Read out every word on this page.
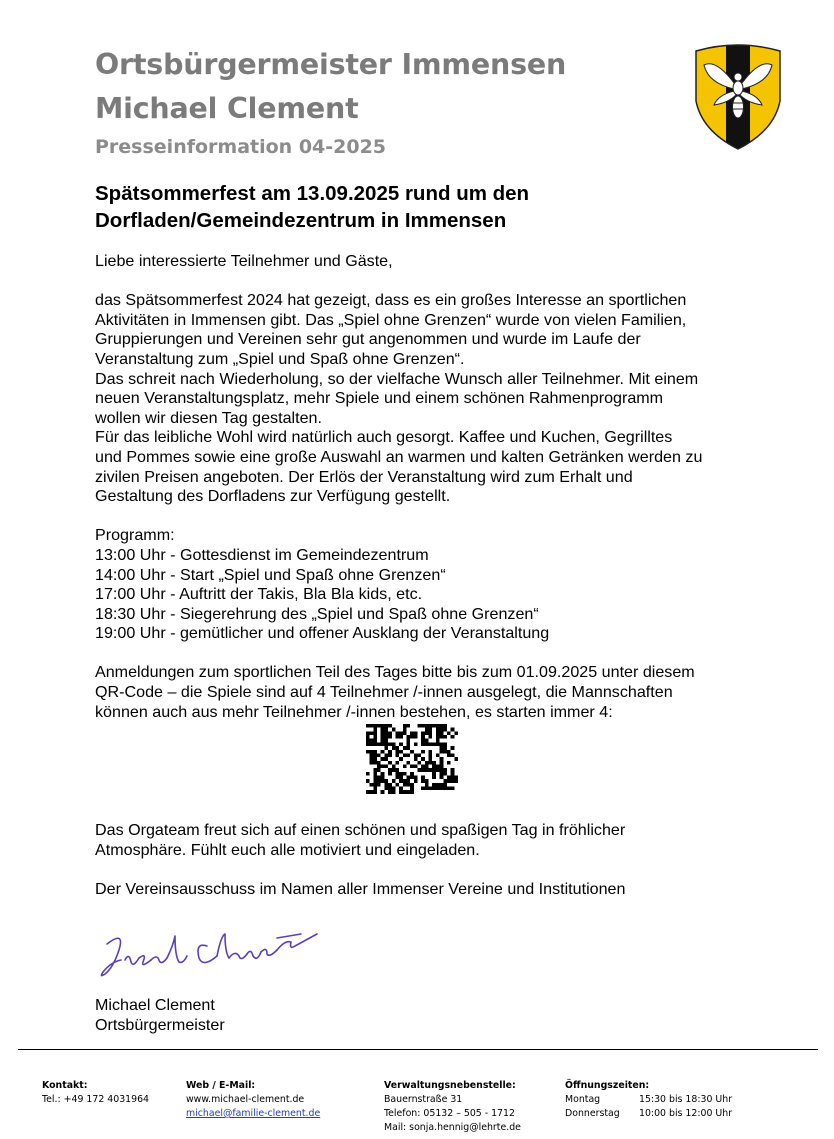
Ortsbürgermeister Immensen
Michael Clement
Presseinformation 04-2025
Spätsommerfest am 13.09.2025 rund um den
Dorfladen/Gemeindezentrum in Immensen
Liebe interessierte Teilnehmer und Gäste,
das Spätsommerfest 2024 hat gezeigt, dass es ein großes Interesse an sportlichen
Aktivitäten in Immensen gibt. Das „Spiel ohne Grenzen“ wurde von vielen Familien,
Gruppierungen und Vereinen sehr gut angenommen und wurde im Laufe der
Veranstaltung zum „Spiel und Spaß ohne Grenzen“.
Das schreit nach Wiederholung, so der vielfache Wunsch aller Teilnehmer. Mit einem
neuen Veranstaltungsplatz, mehr Spiele und einem schönen Rahmenprogramm
wollen wir diesen Tag gestalten.
Für das leibliche Wohl wird natürlich auch gesorgt. Kaffee und Kuchen, Gegrilltes
und Pommes sowie eine große Auswahl an warmen und kalten Getränken werden zu
zivilen Preisen angeboten. Der Erlös der Veranstaltung wird zum Erhalt und
Gestaltung des Dorfladens zur Verfügung gestellt.
Programm:
13:00 Uhr - Gottesdienst im Gemeindezentrum
14:00 Uhr - Start „Spiel und Spaß ohne Grenzen“
17:00 Uhr - Auftritt der Takis, Bla Bla kids, etc.
18:30 Uhr - Siegerehrung des „Spiel und Spaß ohne Grenzen“
19:00 Uhr - gemütlicher und offener Ausklang der Veranstaltung
Anmeldungen zum sportlichen Teil des Tages bitte bis zum 01.09.2025 unter diesem
QR-Code – die Spiele sind auf 4 Teilnehmer /-innen ausgelegt, die Mannschaften
können auch aus mehr Teilnehmer /-innen bestehen, es starten immer 4:
Das Orgateam freut sich auf einen schönen und spaßigen Tag in fröhlicher
Atmosphäre. Fühlt euch alle motiviert und eingeladen.
Der Vereinsausschuss im Namen aller Immenser Vereine und Institutionen
Michael Clement
Ortsbürgermeister
Kontakt:
Tel.: +49 172 4031964
Web / E-Mail:
www.michael-clement.de
michael@familie-clement.de
Verwaltungsnebenstelle:
Bauernstraße 31
Telefon: 05132 – 505 - 1712
Mail: sonja.hennig@lehrte.de
Öffnungszeiten:
Montag	15:30 bis 18:30 Uhr
Donnerstag	10:00 bis 12:00 Uhr
